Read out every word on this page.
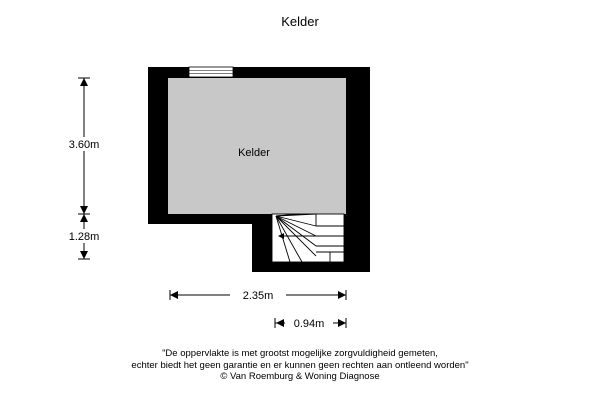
Kelder
3.60m
1.28m
2.35m
0.94m
Kelder
"De oppervlakte is met grootst mogelijke zorgvuldigheid gemeten,
echter biedt het geen garantie en er kunnen geen rechten aan ontleend worden"
© Van Roemburg & Woning Diagnose
